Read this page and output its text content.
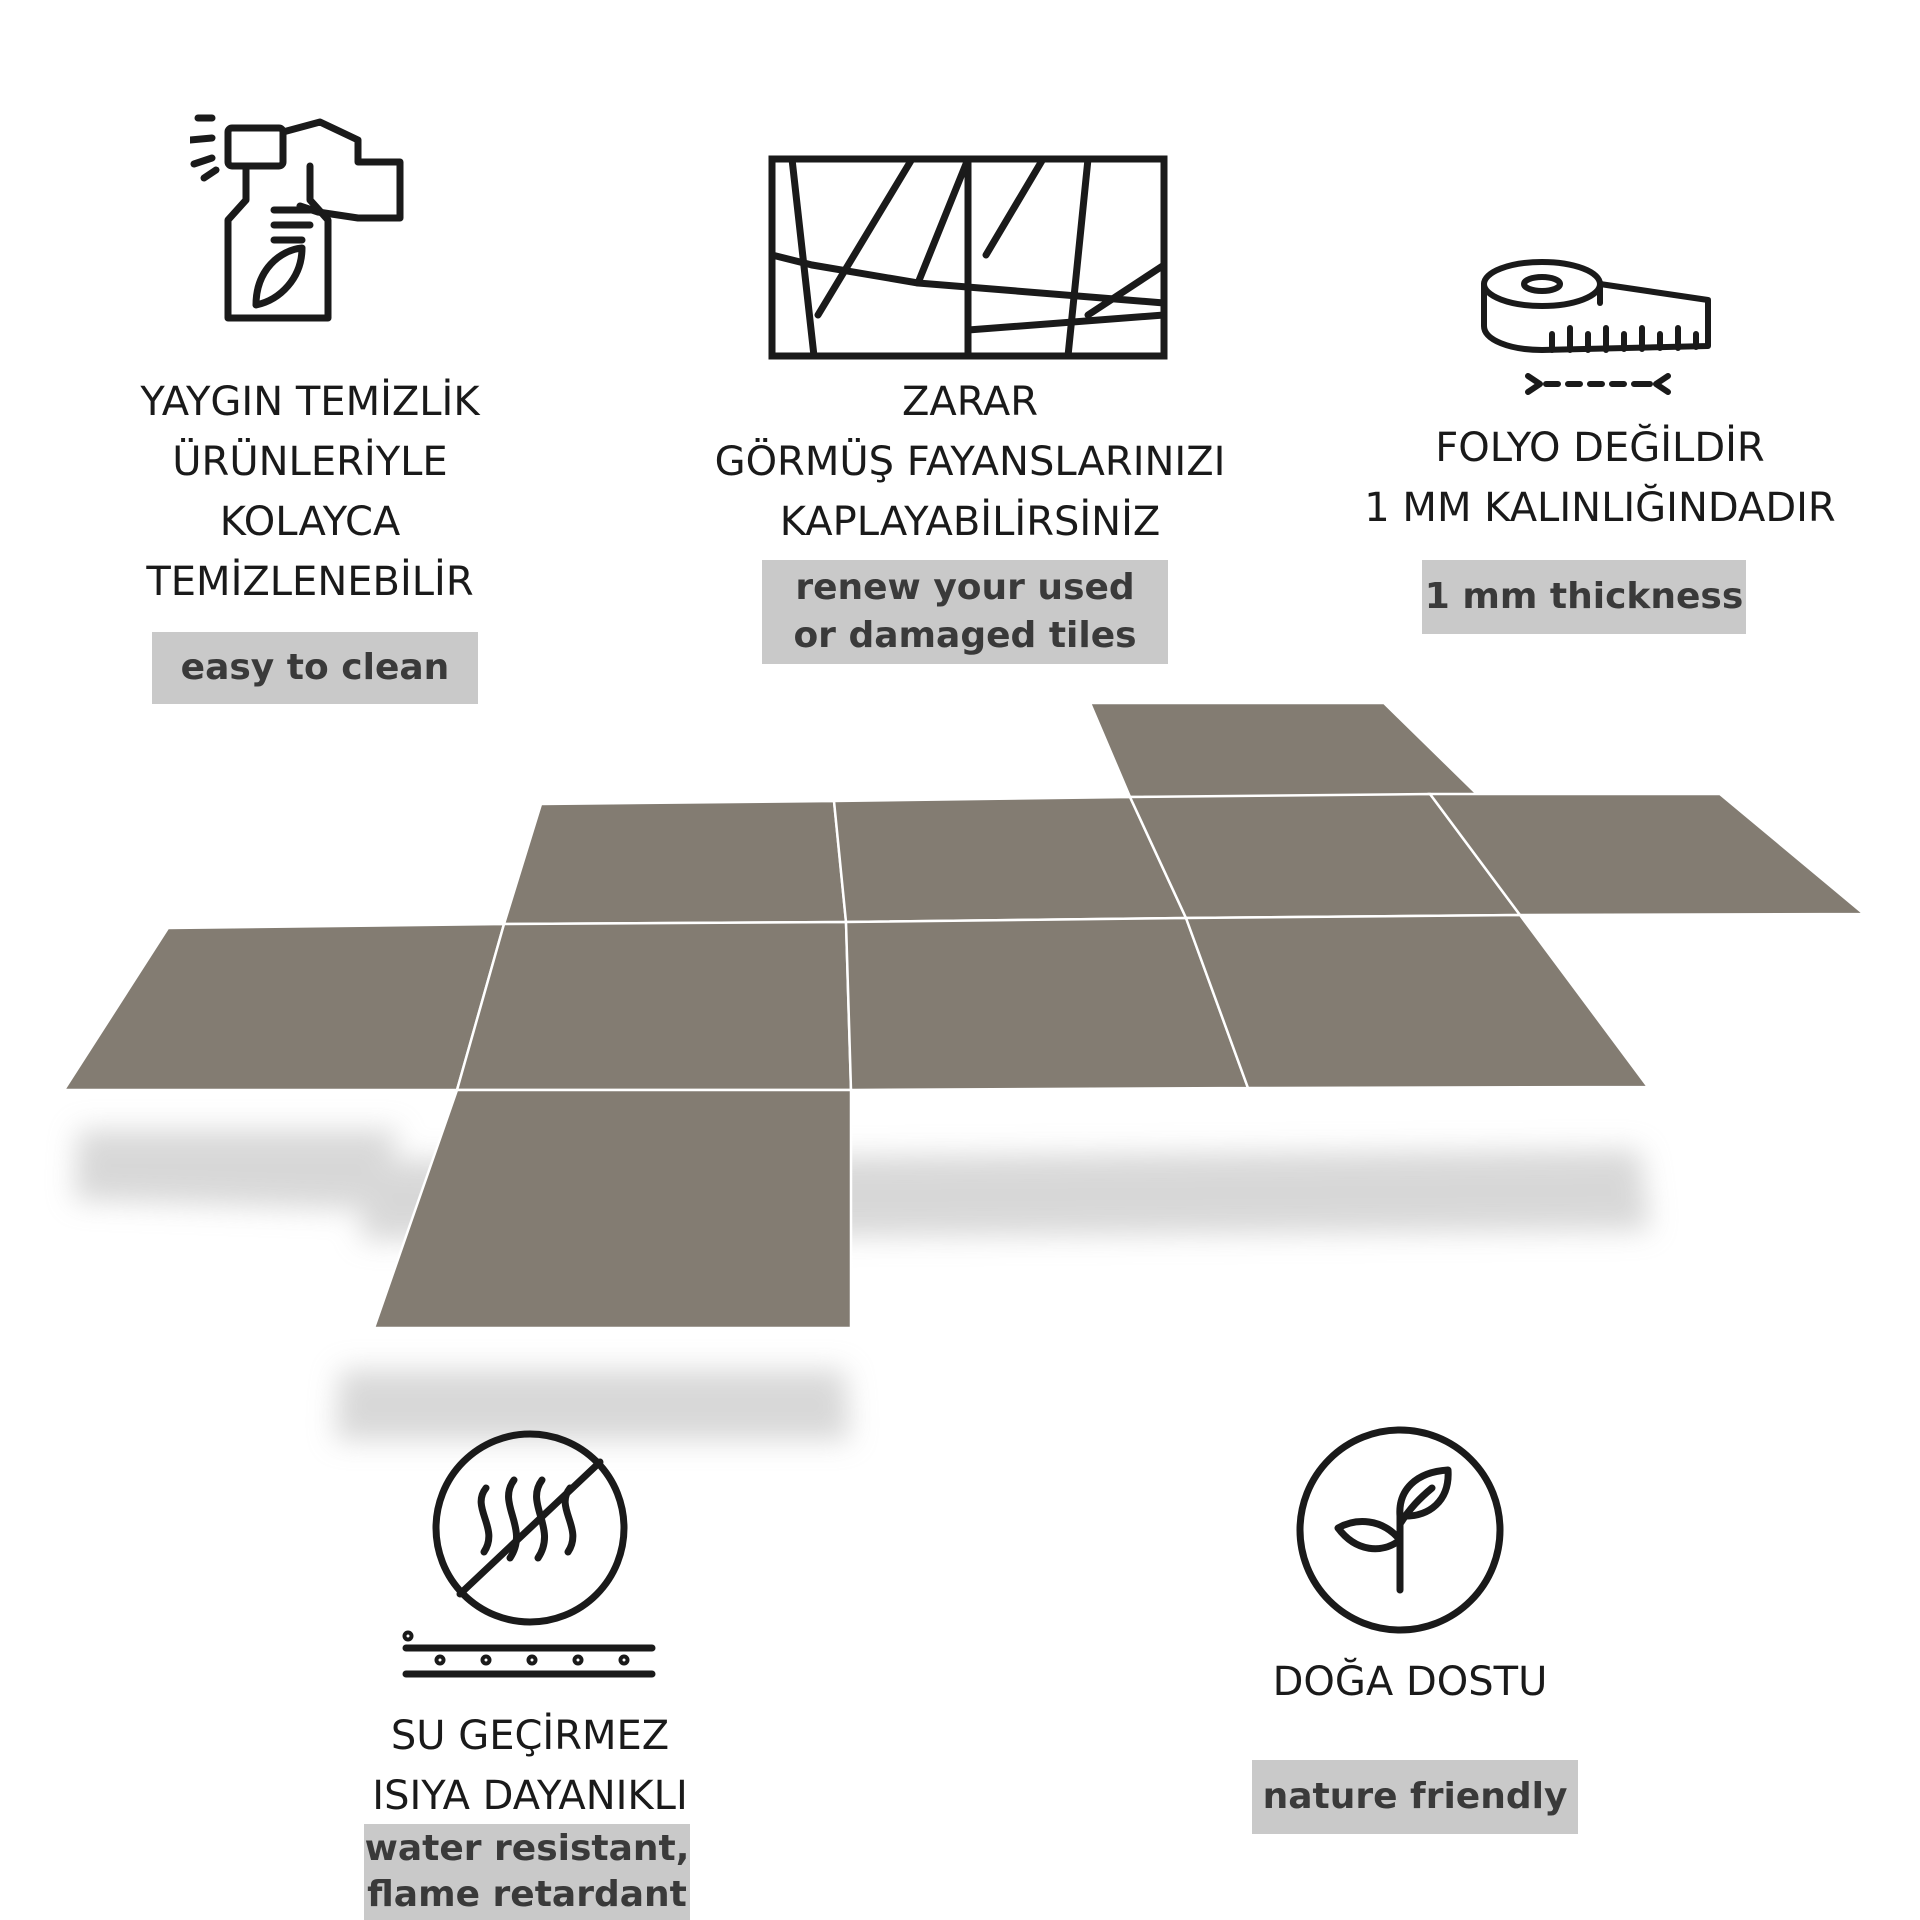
YAYGIN TEMİZLİK
ÜRÜNLERİYLE
KOLAYCA
TEMİZLENEBİLİR
easy to clean
ZARAR
GÖRMÜŞ FAYANSLARINIZI
KAPLAYABİLİRSİNİZ
renew your used
or damaged tiles
FOLYO DEĞİLDİR
1 MM KALINLIĞINDADIR
1 mm thickness
SU GEÇİRMEZ
ISIYA DAYANIKLI
water resistant,
flame retardant
DOĞA DOSTU
nature friendly
